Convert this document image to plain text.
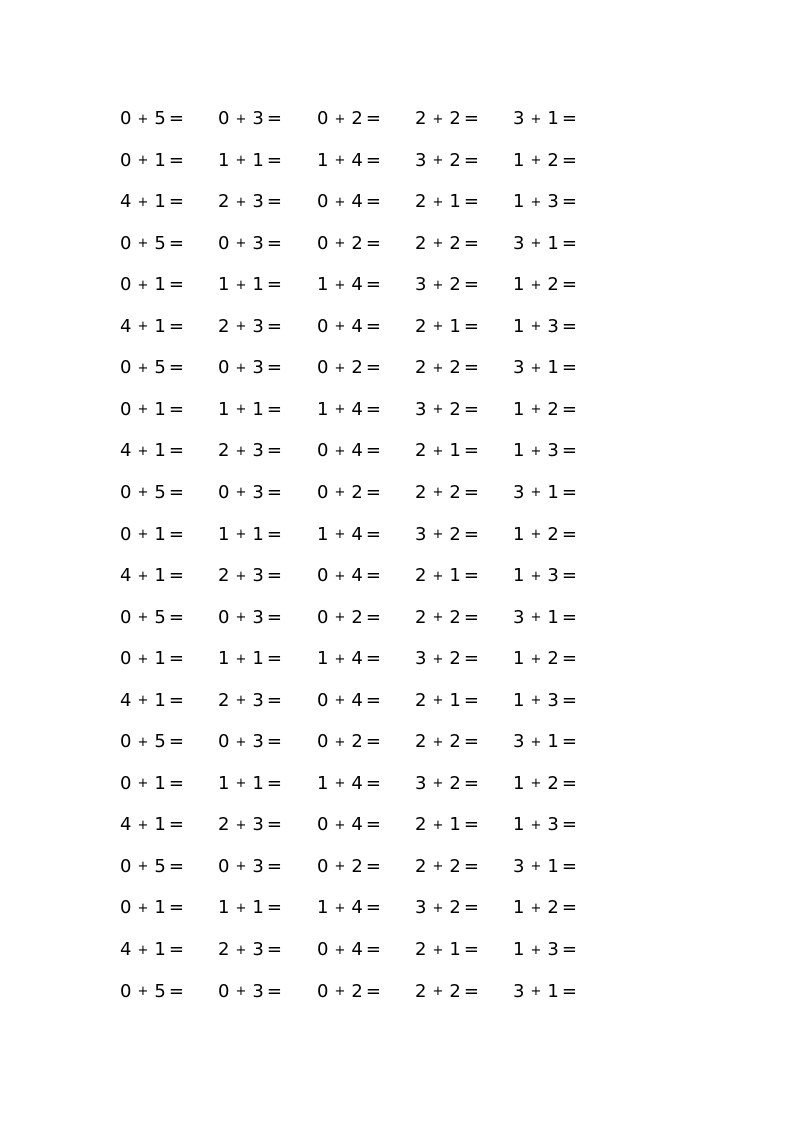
0 + 5 = 0 + 3 = 0 + 2 = 2 + 2 = 3 + 1 =
0 + 1 = 1 + 1 = 1 + 4 = 3 + 2 = 1 + 2 =
4 + 1 = 2 + 3 = 0 + 4 = 2 + 1 = 1 + 3 =
0 + 5 = 0 + 3 = 0 + 2 = 2 + 2 = 3 + 1 =
0 + 1 = 1 + 1 = 1 + 4 = 3 + 2 = 1 + 2 =
4 + 1 = 2 + 3 = 0 + 4 = 2 + 1 = 1 + 3 =
0 + 5 = 0 + 3 = 0 + 2 = 2 + 2 = 3 + 1 =
0 + 1 = 1 + 1 = 1 + 4 = 3 + 2 = 1 + 2 =
4 + 1 = 2 + 3 = 0 + 4 = 2 + 1 = 1 + 3 =
0 + 5 = 0 + 3 = 0 + 2 = 2 + 2 = 3 + 1 =
0 + 1 = 1 + 1 = 1 + 4 = 3 + 2 = 1 + 2 =
4 + 1 = 2 + 3 = 0 + 4 = 2 + 1 = 1 + 3 =
0 + 5 = 0 + 3 = 0 + 2 = 2 + 2 = 3 + 1 =
0 + 1 = 1 + 1 = 1 + 4 = 3 + 2 = 1 + 2 =
4 + 1 = 2 + 3 = 0 + 4 = 2 + 1 = 1 + 3 =
0 + 5 = 0 + 3 = 0 + 2 = 2 + 2 = 3 + 1 =
0 + 1 = 1 + 1 = 1 + 4 = 3 + 2 = 1 + 2 =
4 + 1 = 2 + 3 = 0 + 4 = 2 + 1 = 1 + 3 =
0 + 5 = 0 + 3 = 0 + 2 = 2 + 2 = 3 + 1 =
0 + 1 = 1 + 1 = 1 + 4 = 3 + 2 = 1 + 2 =
4 + 1 = 2 + 3 = 0 + 4 = 2 + 1 = 1 + 3 =
0 + 5 = 0 + 3 = 0 + 2 = 2 + 2 = 3 + 1 =
